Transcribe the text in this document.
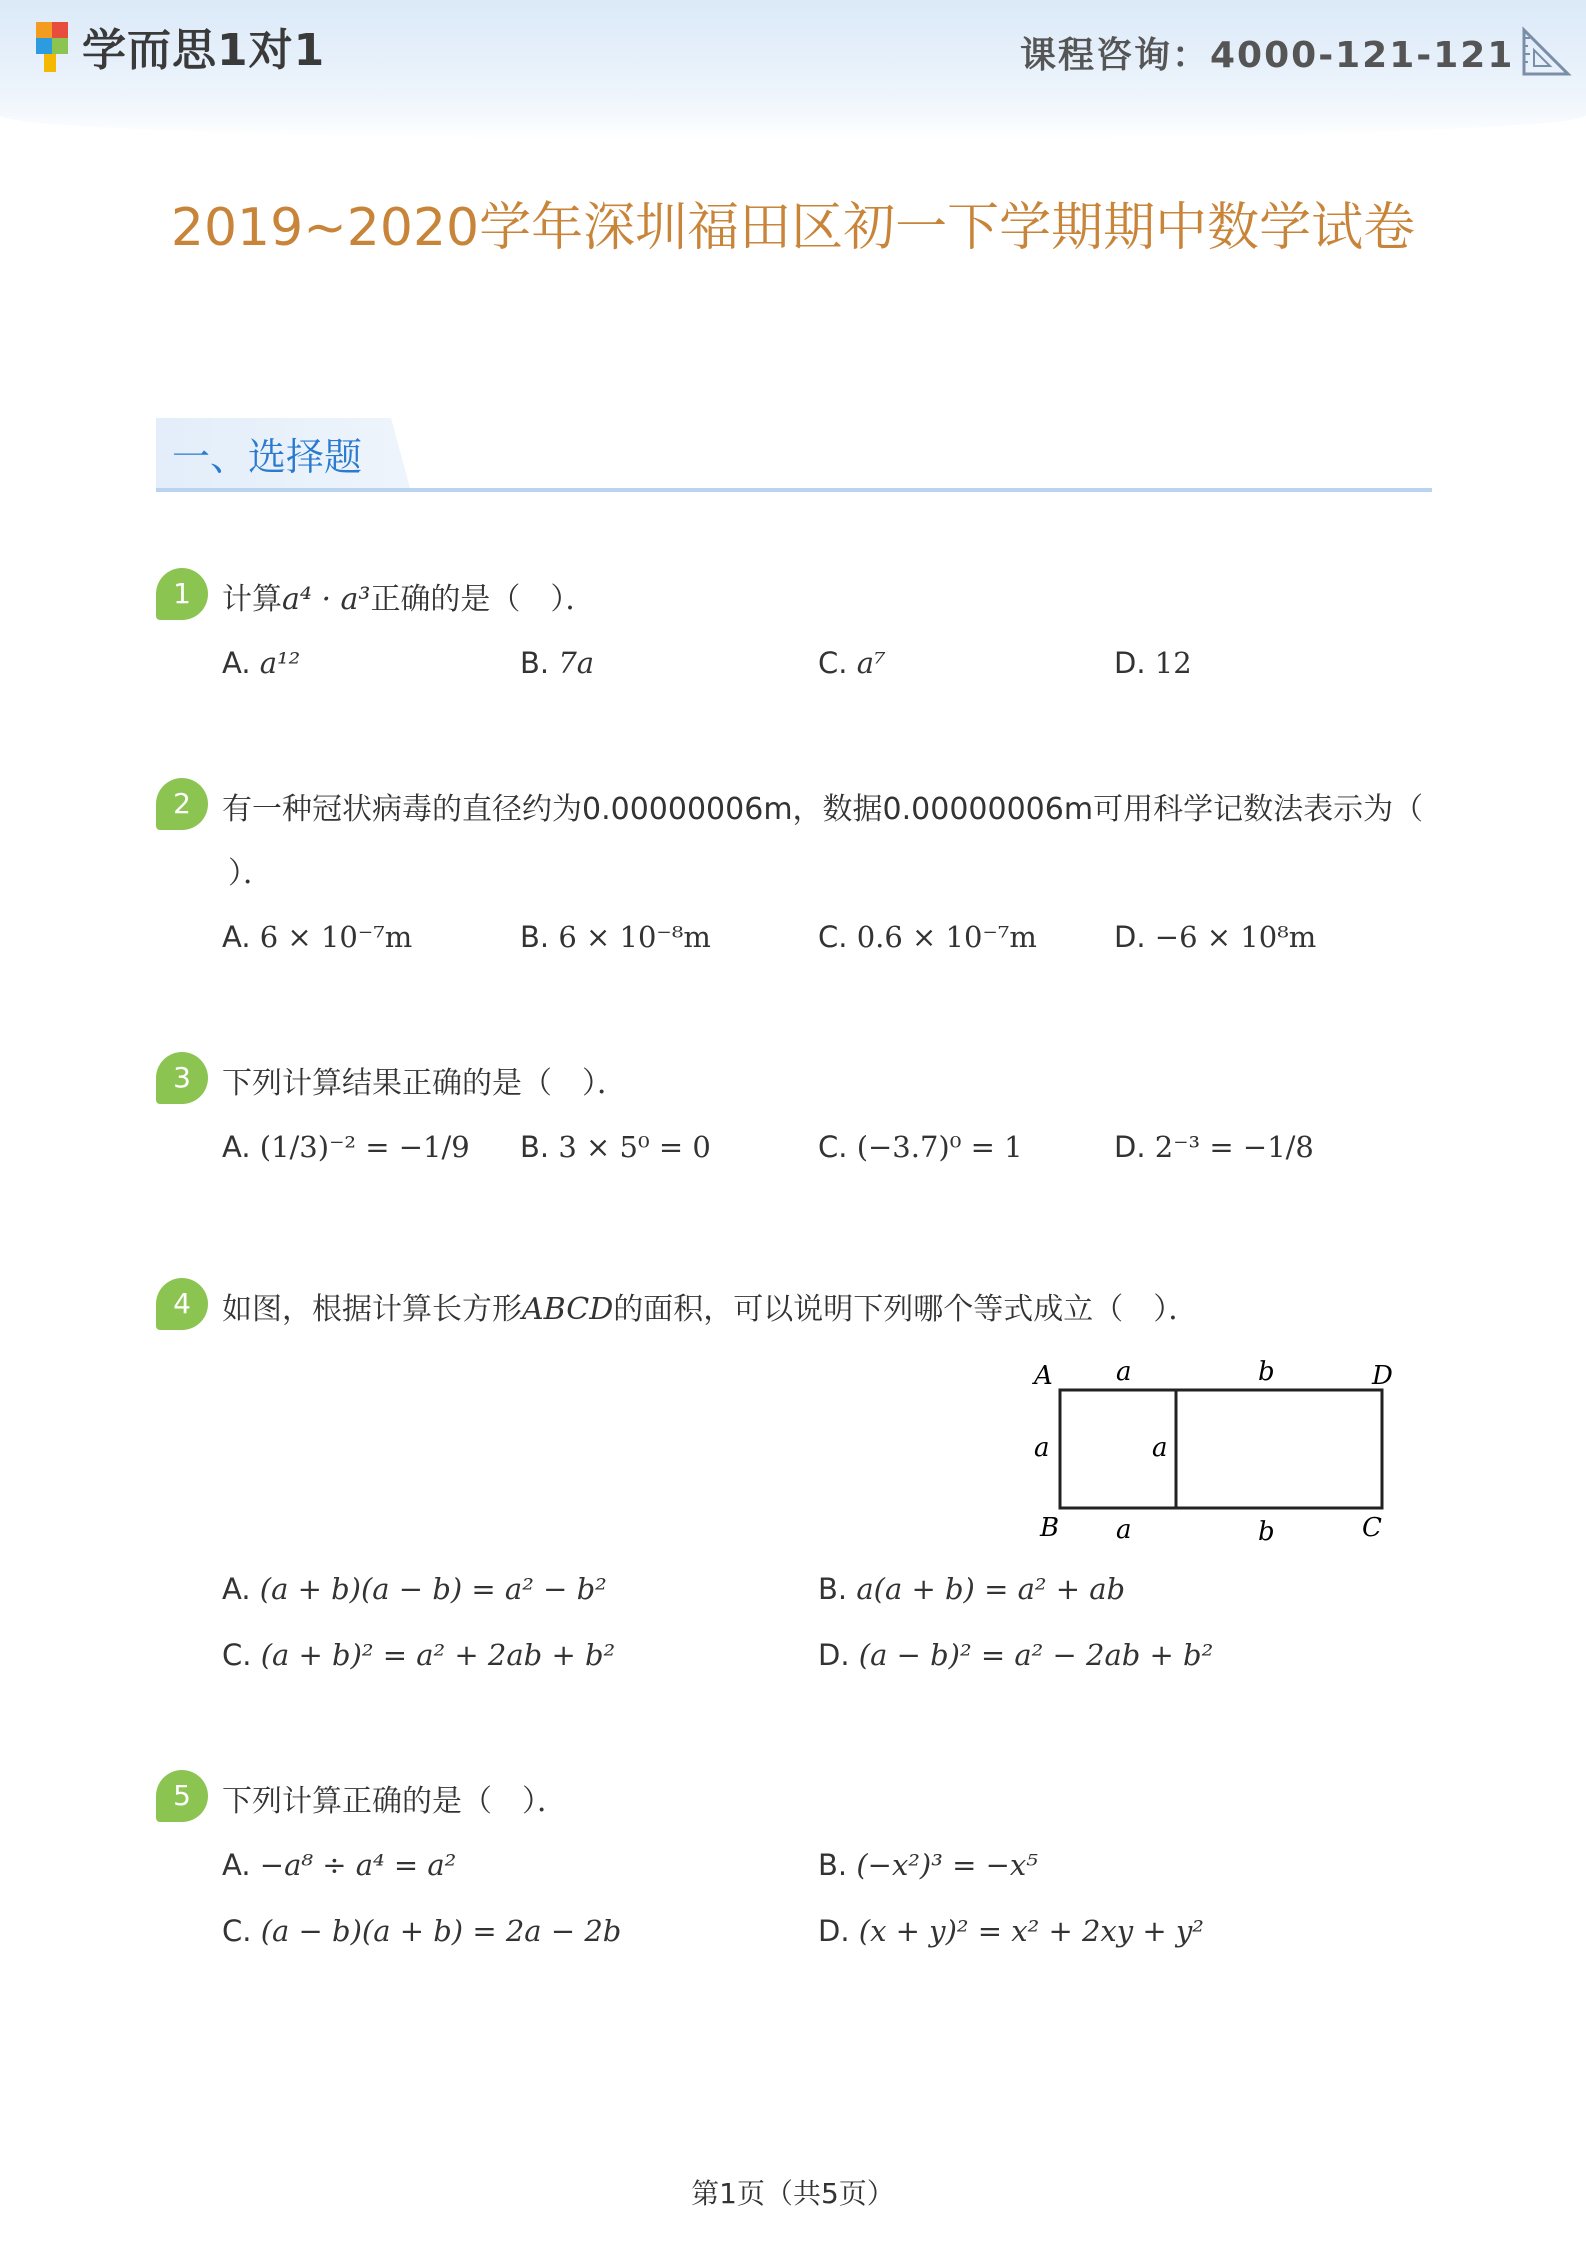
学而思1对1	课程咨询：4000-121-121
2019~2020学年深圳福田区初一下学期期中数学试卷
一、选择题
1	计算a⁴ · a³正确的是（　）．
A. a¹²	B. 7a	C. a⁷	D. 12
2	有一种冠状病毒的直径约为0.00000006m，数据0.00000006m可用科学记数法表示为（
）．
A. 6 × 10⁻⁷m	B. 6 × 10⁻⁸m	C. 0.6 × 10⁻⁷m	D. −6 × 10⁸m
3	下列计算结果正确的是（　）．
A. (1/3)⁻² = −1/9 B. 3 × 5⁰ = 0	C. (−3.7)⁰ = 1	D. 2⁻³ = −1/8
4	如图，根据计算长方形ABCD的面积，可以说明下列哪个等式成立（　）．
A a	b	D
a	a
B a	b	C
A. (a + b)(a − b) = a² − b²	B. a(a + b) = a² + ab
C. (a + b)² = a² + 2ab + b²	D. (a − b)² = a² − 2ab + b²
5	下列计算正确的是（　）．
A. −a⁸ ÷ a⁴ = a²	B. (−x²)³ = −x⁵
C. (a − b)(a + b) = 2a − 2b	D. (x + y)² = x² + 2xy + y²
第1页（共5页）
